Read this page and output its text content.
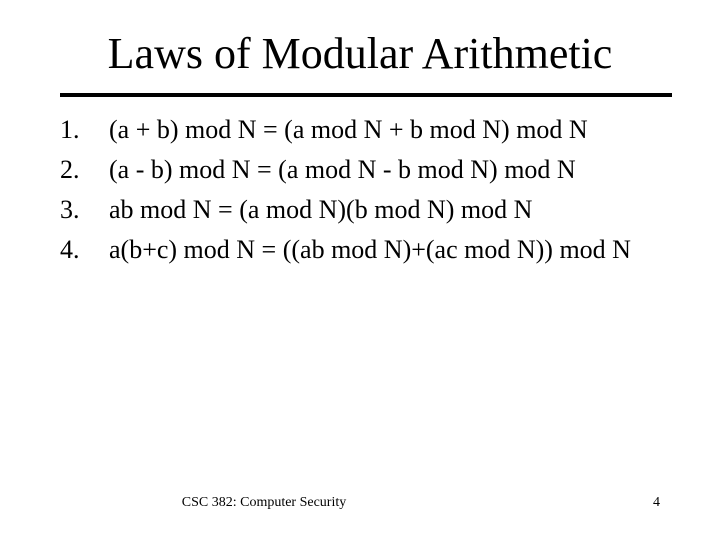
Laws of Modular Arithmetic
1. (a + b) mod N = (a mod N + b mod N) mod N
2. (a - b) mod N = (a mod N - b mod N) mod N
3. ab mod N = (a mod N)(b mod N) mod N
4. a(b+c) mod N = ((ab mod N)+(ac mod N)) mod N
CSC 382: Computer Security	4
